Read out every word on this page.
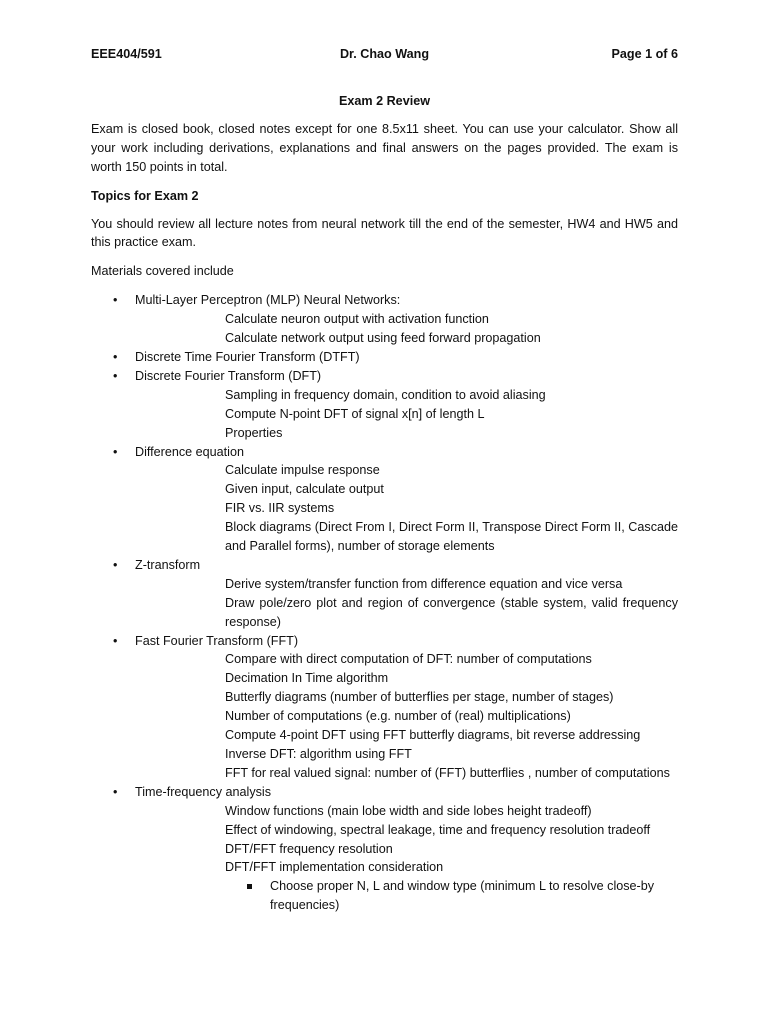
EEE404/591	Dr. Chao Wang	Page 1 of 6
Exam 2 Review

Exam is closed book, closed notes except for one 8.5x11 sheet. You can use your calculator. Show all your work including derivations, explanations and final answers on the pages provided. The exam is worth 150 points in total.

Topics for Exam 2

You should review all lecture notes from neural network till the end of the semester, HW4 and HW5 and this practice exam.

Materials covered include

•	Multi-Layer Perceptron (MLP) Neural Networks:
Calculate neuron output with activation function
Calculate network output using feed forward propagation
•	Discrete Time Fourier Transform (DTFT)
•	Discrete Fourier Transform (DFT)
Sampling in frequency domain, condition to avoid aliasing
Compute N-point DFT of signal x[n] of length L
Properties
•	Difference equation
Calculate impulse response
Given input, calculate output
FIR vs. IIR systems
Block diagrams (Direct From I, Direct Form II, Transpose Direct Form II, Cascade and Parallel forms), number of storage elements
•	Z-transform
Derive system/transfer function from difference equation and vice versa
Draw pole/zero plot and region of convergence (stable system, valid frequency response)
•	Fast Fourier Transform (FFT)
Compare with direct computation of DFT: number of computations
Decimation In Time algorithm
Butterfly diagrams (number of butterflies per stage, number of stages)
Number of computations (e.g. number of (real) multiplications)
Compute 4-point DFT using FFT butterfly diagrams, bit reverse addressing
Inverse DFT: algorithm using FFT
FFT for real valued signal: number of (FFT) butterflies , number of computations
•	Time-frequency analysis
Window functions (main lobe width and side lobes height tradeoff)
Effect of windowing, spectral leakage, time and frequency resolution tradeoff
DFT/FFT frequency resolution
DFT/FFT implementation consideration
Choose proper N, L and window type (minimum L to resolve close-by frequencies)
